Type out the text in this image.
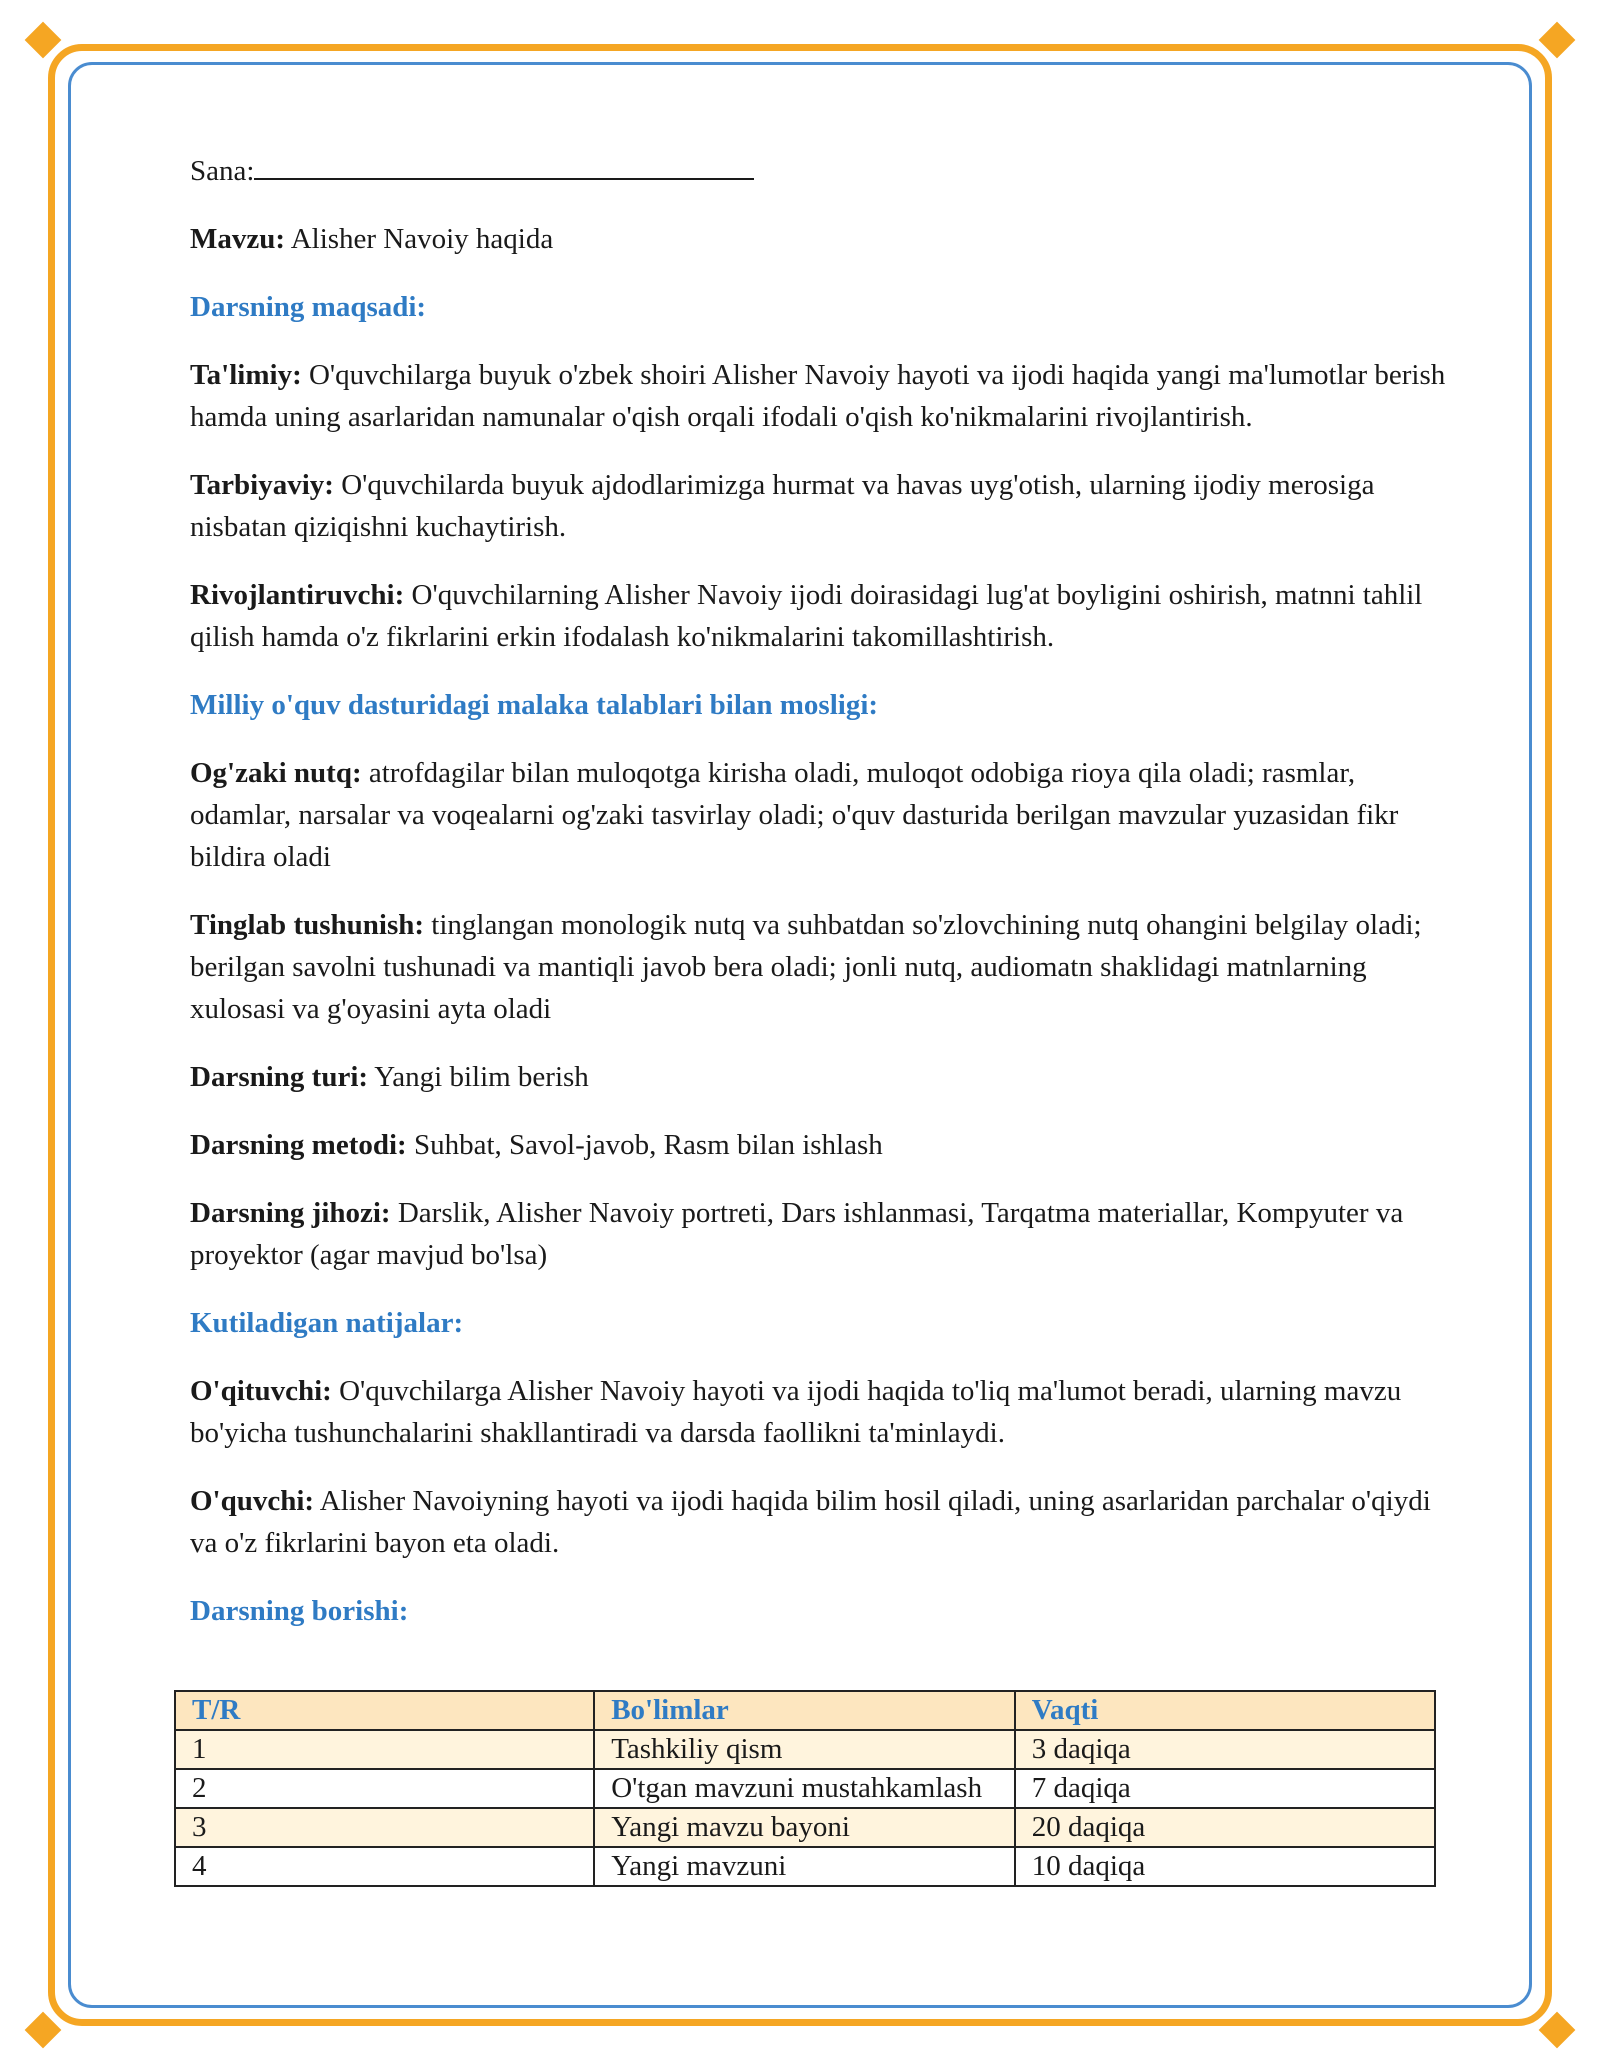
Sana:

Mavzu: Alisher Navoiy haqida

Darsning maqsadi:

Ta'limiy: O'quvchilarga buyuk o'zbek shoiri Alisher Navoiy hayoti va ijodi haqida yangi ma'lumotlar berish hamda uning asarlaridan namunalar o'qish orqali ifodali o'qish ko'nikmalarini rivojlantirish.

Tarbiyaviy: O'quvchilarda buyuk ajdodlarimizga hurmat va havas uyg'otish, ularning ijodiy merosiga nisbatan qiziqishni kuchaytirish.

Rivojlantiruvchi: O'quvchilarning Alisher Navoiy ijodi doirasidagi lug'at boyligini oshirish, matnni tahlil qilish hamda o'z fikrlarini erkin ifodalash ko'nikmalarini takomillashtirish.

Milliy o'quv dasturidagi malaka talablari bilan mosligi:

Og'zaki nutq: atrofdagilar bilan muloqotga kirisha oladi, muloqot odobiga rioya qila oladi; rasmlar, odamlar, narsalar va voqealarni og'zaki tasvirlay oladi; o'quv dasturida berilgan mavzular yuzasidan fikr bildira oladi

Tinglab tushunish: tinglangan monologik nutq va suhbatdan so'zlovchining nutq ohangini belgilay oladi; berilgan savolni tushunadi va mantiqli javob bera oladi; jonli nutq, audiomatn shaklidagi matnlarning xulosasi va g'oyasini ayta oladi

Darsning turi: Yangi bilim berish

Darsning metodi: Suhbat, Savol-javob, Rasm bilan ishlash

Darsning jihozi: Darslik, Alisher Navoiy portreti, Dars ishlanmasi, Tarqatma materiallar, Kompyuter va proyektor (agar mavjud bo'lsa)

Kutiladigan natijalar:

O'qituvchi: O'quvchilarga Alisher Navoiy hayoti va ijodi haqida to'liq ma'lumot beradi, ularning mavzu bo'yicha tushunchalarini shakllantiradi va darsda faollikni ta'minlaydi.

O'quvchi: Alisher Navoiyning hayoti va ijodi haqida bilim hosil qiladi, uning asarlaridan parchalar o'qiydi va o'z fikrlarini bayon eta oladi.

Darsning borishi:
T/R	Bo'limlar	Vaqti
1	Tashkiliy qism	3 daqiqa
2	O'tgan mavzuni mustahkamlash	7 daqiqa
3	Yangi mavzu bayoni	20 daqiqa
4	Yangi mavzuni	10 daqiqa
